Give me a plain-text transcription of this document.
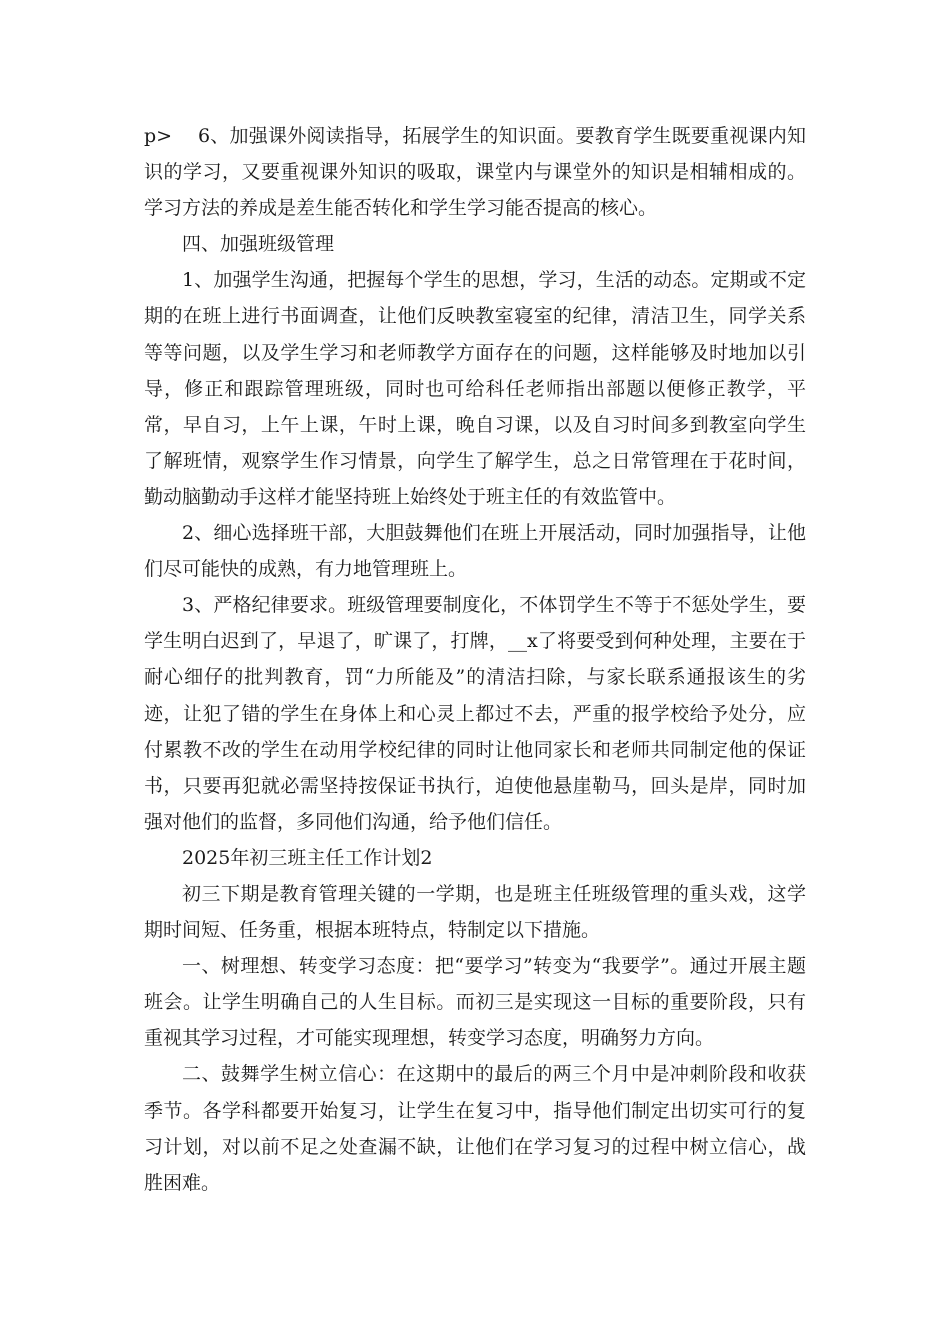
p> 6、加强课外阅读指导，拓展学生的知识面。要教育学生既要重视课内知识的学习，又要重视课外知识的吸取，课堂内与课堂外的知识是相辅相成的。学习方法的养成是差生能否转化和学生学习能否提高的核心。

四、加强班级管理

1、加强学生沟通，把握每个学生的思想，学习，生活的动态。定期或不定期的在班上进行书面调查，让他们反映教室寝室的纪律，清洁卫生，同学关系等等问题，以及学生学习和老师教学方面存在的问题，这样能够及时地加以引导，修正和跟踪管理班级，同时也可给科任老师指出部题以便修正教学，平常，早自习，上午上课，午时上课，晚自习课，以及自习时间多到教室向学生了解班情，观察学生作习情景，向学生了解学生，总之日常管理在于花时间，勤动脑勤动手这样才能坚持班上始终处于班主任的有效监管中。

2、细心选择班干部，大胆鼓舞他们在班上开展活动，同时加强指导，让他们尽可能快的成熟，有力地管理班上。

3、严格纪律要求。班级管理要制度化，不体罚学生不等于不惩处学生，要学生明白迟到了，早退了，旷课了，打牌，__x了将要受到何种处理，主要在于耐心细仔的批判教育，罚“力所能及”的清洁扫除，与家长联系通报该生的劣迹，让犯了错的学生在身体上和心灵上都过不去，严重的报学校给予处分，应付累教不改的学生在动用学校纪律的同时让他同家长和老师共同制定他的保证书，只要再犯就必需坚持按保证书执行，迫使他悬崖勒马，回头是岸，同时加强对他们的监督，多同他们沟通，给予他们信任。

2025年初三班主任工作计划2

初三下期是教育管理关键的一学期，也是班主任班级管理的重头戏，这学期时间短、任务重，根据本班特点，特制定以下措施。

一、树理想、转变学习态度：把“要学习”转变为“我要学”。通过开展主题班会。让学生明确自己的人生目标。而初三是实现这一目标的重要阶段，只有重视其学习过程，才可能实现理想，转变学习态度，明确努力方向。

二、鼓舞学生树立信心：在这期中的最后的两三个月中是冲刺阶段和收获季节。各学科都要开始复习，让学生在复习中，指导他们制定出切实可行的复习计划，对以前不足之处查漏不缺，让他们在学习复习的过程中树立信心，战胜困难。
